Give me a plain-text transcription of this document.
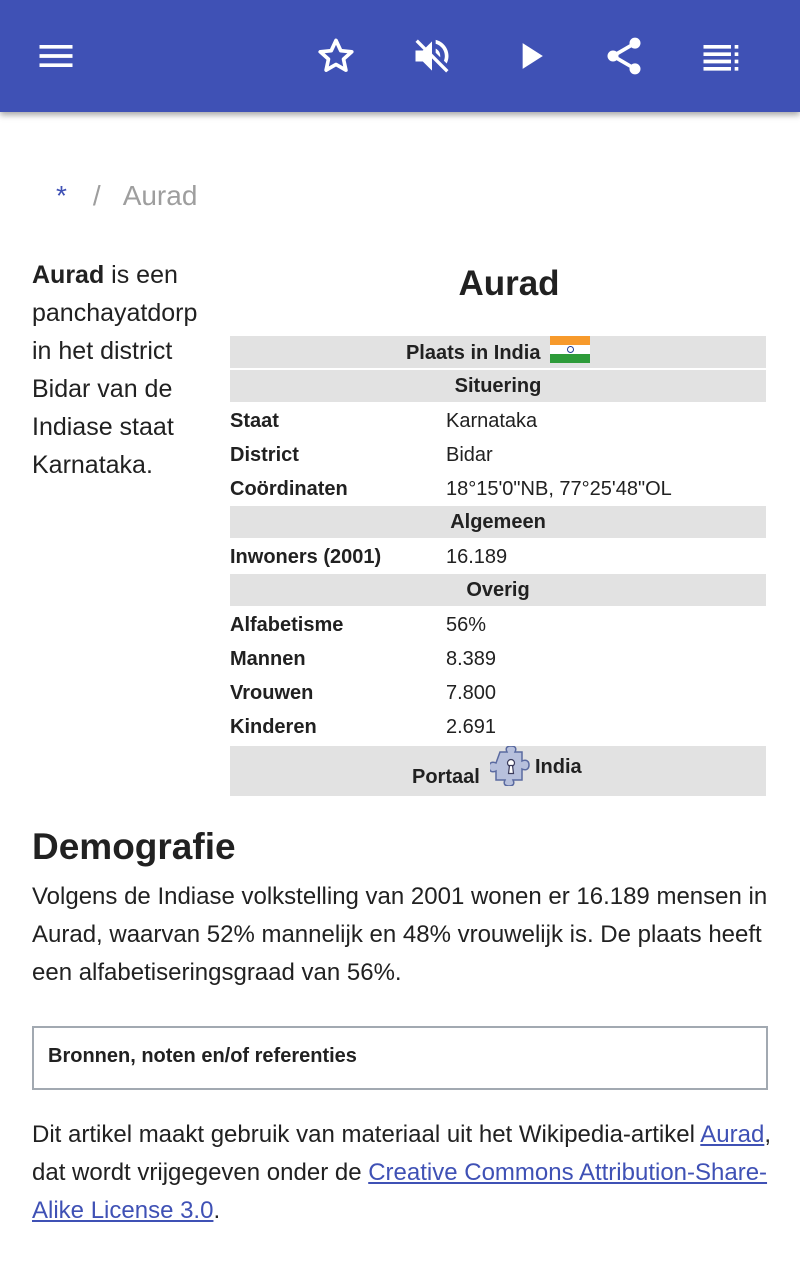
* / Aurad
Aurad is een panchayatdorp in het district Bidar van de Indiase staat Karnataka.
Aurad
Plaats in India
Situering
Staat	Karnataka
District	Bidar
Coördinaten	18°15'0"NB, 77°25'48"OL
Algemeen
Inwoners (2001)	16.189
Overig
Alfabetisme	56%
Mannen	8.389
Vrouwen	7.800
Kinderen	2.691
Portaal	India
Demografie

Volgens de Indiase volkstelling van 2001 wonen er 16.189 mensen in Aurad, waarvan 52% mannelijk en 48% vrouwelijk is. De plaats heeft een alfabetiseringsgraad van 56%.

Bronnen, noten en/of referenties

Dit artikel maakt gebruik van materiaal uit het Wikipedia-artikel Aurad, dat wordt vrijgegeven onder de Creative Commons Attribution-Share-Alike License 3.0.
